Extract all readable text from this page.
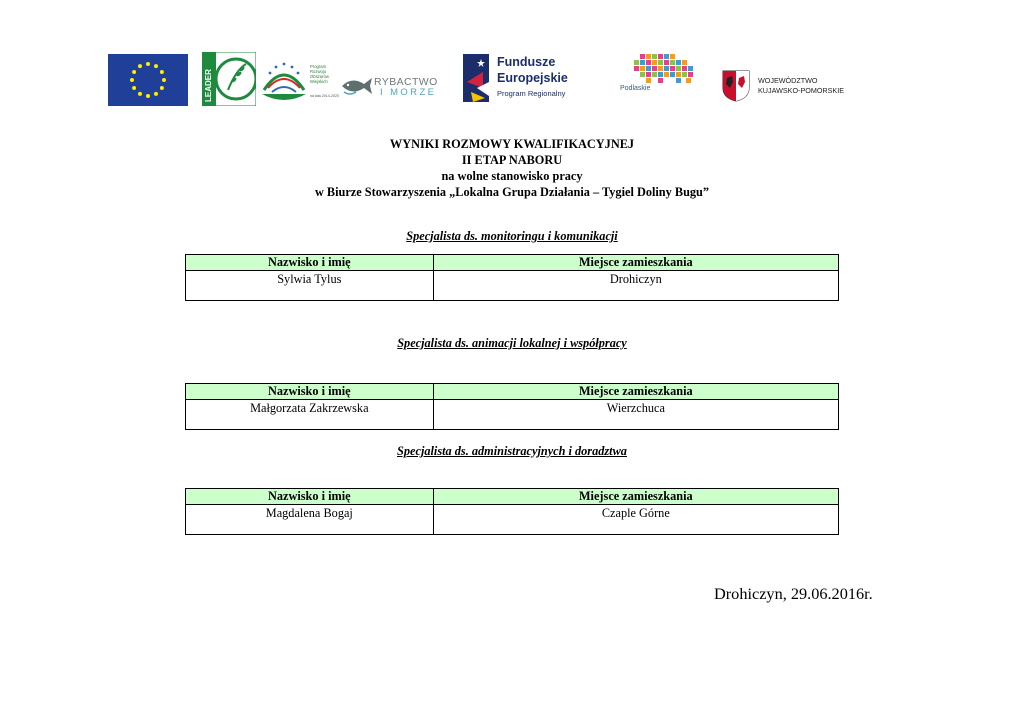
LEADER
Program
Rozwoju
Obszarów
Wiejskich
na lata 2014-2020
RYBACTWO
I MORZE
Fundusze
Europejskie
Program Regionalny
Podlaskie
WOJEWÓDZTWO
KUJAWSKO-POMORSKIE
WYNIKI ROZMOWY KWALIFIKACYJNEJ
II ETAP NABORU
na wolne stanowisko pracy
w Biurze Stowarzyszenia „Lokalna Grupa Działania – Tygiel Doliny Bugu”
Specjalista ds. monitoringu i komunikacji
Nazwisko i imię	Miejsce zamieszkania
Sylwia Tylus	Drohiczyn
Specjalista ds. animacji lokalnej i współpracy
Nazwisko i imię	Miejsce zamieszkania
Małgorzata Zakrzewska	Wierzchuca
Specjalista ds. administracyjnych i doradztwa
Nazwisko i imię	Miejsce zamieszkania
Magdalena Bogaj	Czaple Górne
Drohiczyn, 29.06.2016r.
